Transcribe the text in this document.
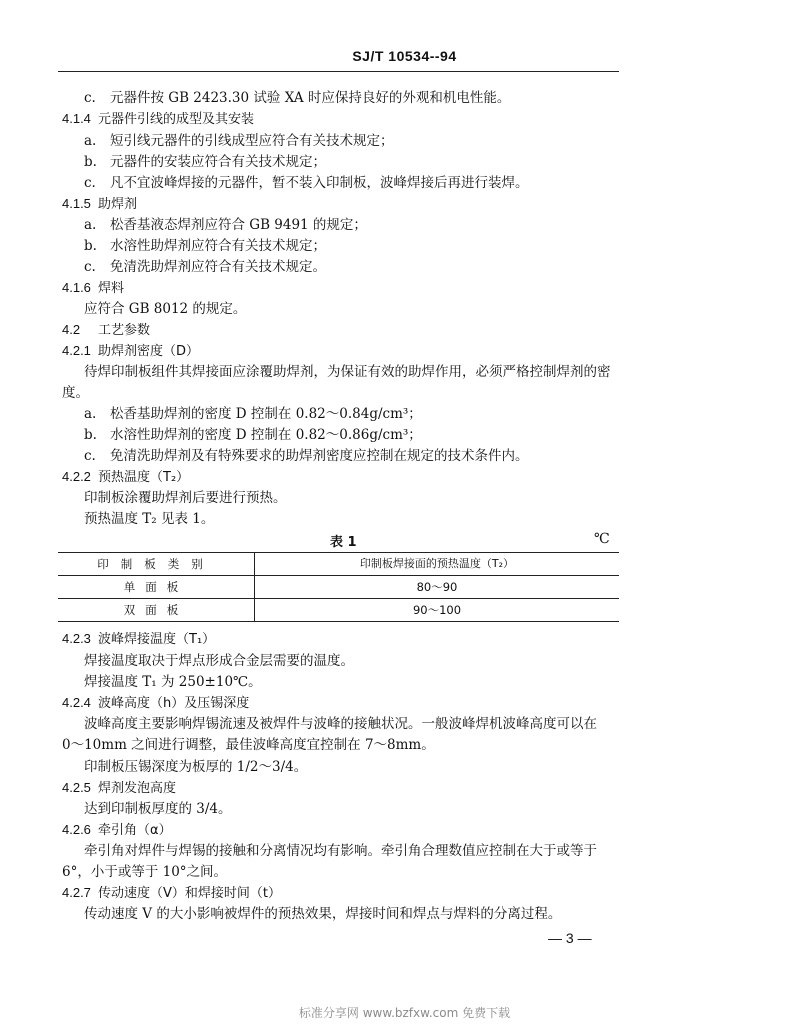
SJ/T 10534--94
c. 元器件按 GB 2423.30 试验 XA 时应保持良好的外观和机电性能。
4.1.4 元器件引线的成型及其安装
a. 短引线元器件的引线成型应符合有关技术规定；
b. 元器件的安装应符合有关技术规定；
c. 凡不宜波峰焊接的元器件，暂不装入印制板，波峰焊接后再进行装焊。
4.1.5 助焊剂
a. 松香基液态焊剂应符合 GB 9491 的规定；
b. 水溶性助焊剂应符合有关技术规定；
c. 免清洗助焊剂应符合有关技术规定。
4.1.6 焊料
应符合 GB 8012 的规定。
4.2 工艺参数
4.2.1 助焊剂密度（D）
待焊印制板组件其焊接面应涂覆助焊剂，为保证有效的助焊作用，必须严格控制焊剂的密
度。
a. 松香基助焊剂的密度 D 控制在 0.82～0.84g/cm³；
b. 水溶性助焊剂的密度 D 控制在 0.82～0.86g/cm³；
c. 免清洗助焊剂及有特殊要求的助焊剂密度应控制在规定的技术条件内。
4.2.2 预热温度（T₂）
印制板涂覆助焊剂后要进行预热。
预热温度 T₂ 见表 1。
表 1	℃
印制板类别	印制板焊接面的预热温度（T₂）
单面板	80～90
双面板	90～100
4.2.3 波峰焊接温度（T₁）
焊接温度取决于焊点形成合金层需要的温度。
焊接温度 T₁ 为 250±10℃。
4.2.4 波峰高度（h）及压锡深度
波峰高度主要影响焊锡流速及被焊件与波峰的接触状况。一般波峰焊机波峰高度可以在
0～10mm 之间进行调整，最佳波峰高度宜控制在 7～8mm。
印制板压锡深度为板厚的 1/2～3/4。
4.2.5 焊剂发泡高度
达到印制板厚度的 3/4。
4.2.6 牵引角（α）
牵引角对焊件与焊锡的接触和分离情况均有影响。牵引角合理数值应控制在大于或等于
6°，小于或等于 10°之间。
4.2.7 传动速度（V）和焊接时间（t）
传动速度 V 的大小影响被焊件的预热效果，焊接时间和焊点与焊料的分离过程。
— 3 —
标准分享网 www.bzfxw.com 免费下载
